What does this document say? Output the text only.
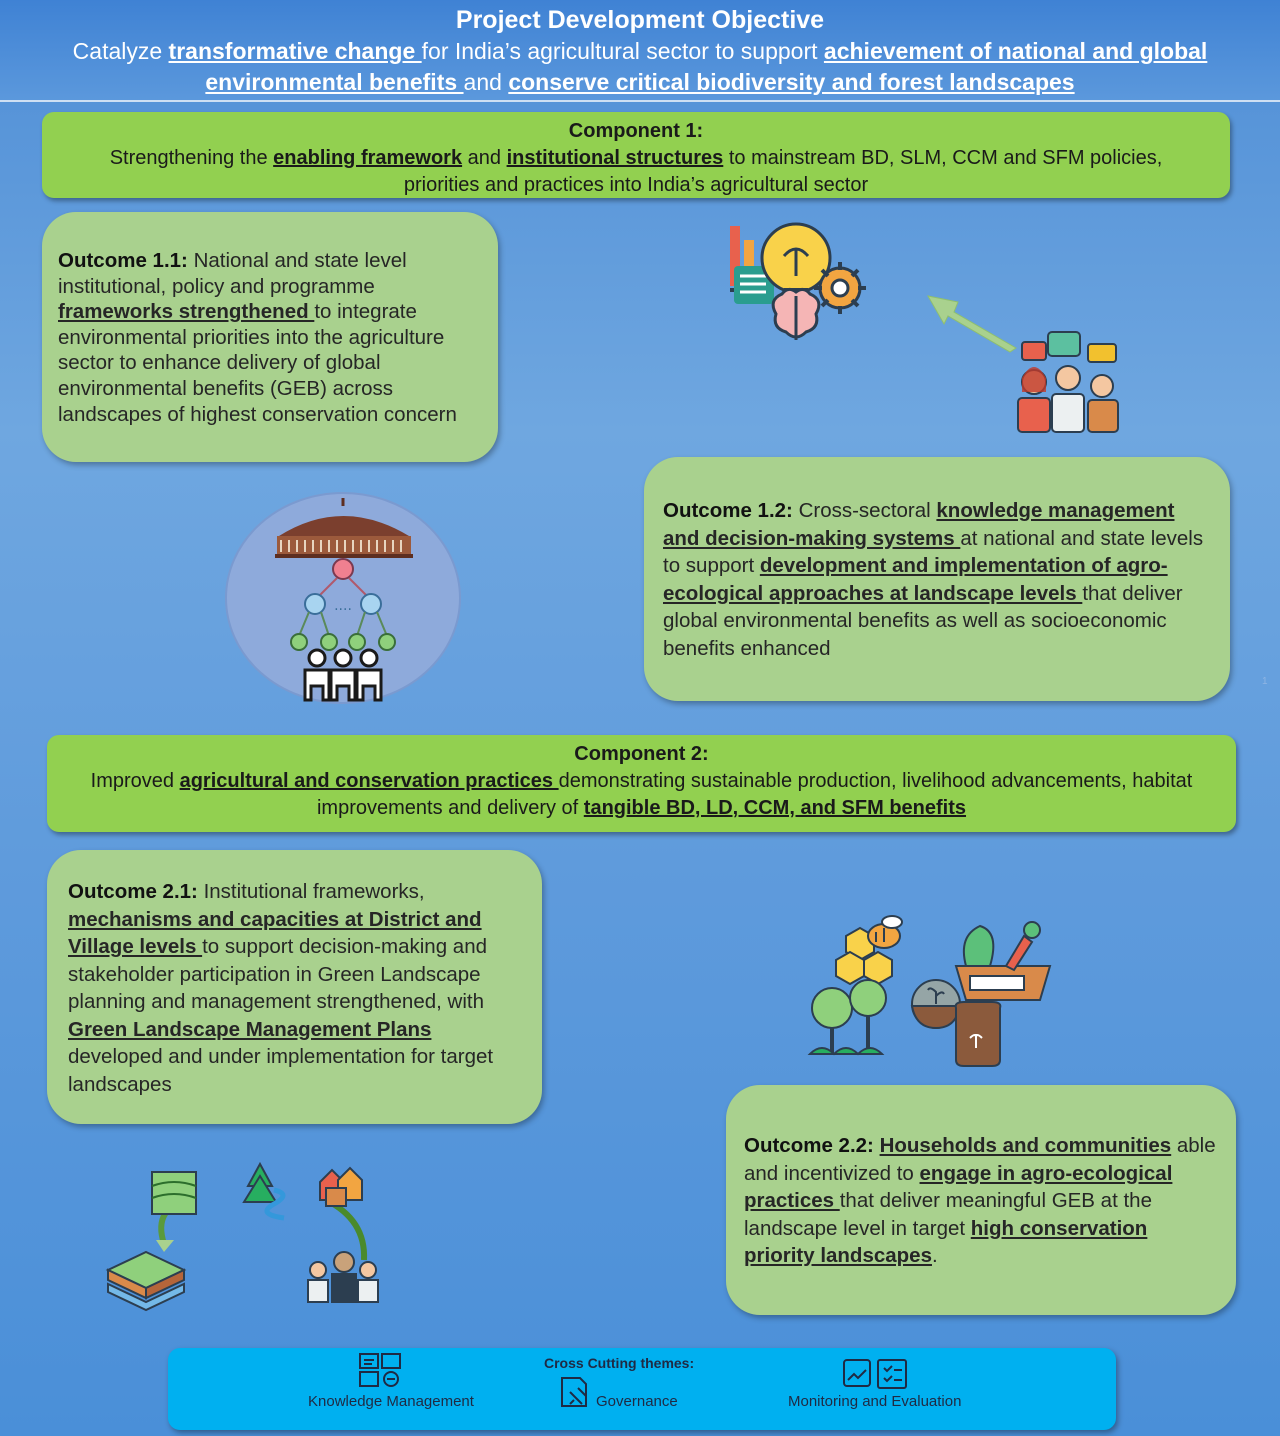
Project Development Objective

Catalyze transformative change for India’s agricultural sector to support achievement of national and global environmental benefits and conserve critical biodiversity and forest landscapes

Component 1:
Strengthening the enabling framework and institutional structures to mainstream BD, SLM, CCM and SFM policies, priorities and practices into India’s agricultural sector
Outcome 1.1: National and state level institutional, policy and programme frameworks strengthened to integrate environmental priorities into the agriculture sector to enhance delivery of global environmental benefits (GEB) across landscapes of highest conservation concern
Outcome 1.2: Cross-sectoral knowledge management and decision-making systems at national and state levels to support development and implementation of agro-ecological approaches at landscape levels that deliver global environmental benefits as well as socioeconomic benefits enhanced
....
1
Component 2:
Improved agricultural and conservation practices demonstrating sustainable production, livelihood advancements, habitat improvements and delivery of tangible BD, LD, CCM, and SFM benefits
Outcome 2.1: Institutional frameworks, mechanisms and capacities at District and Village levels to support decision-making and stakeholder participation in Green Landscape planning and management strengthened, with Green Landscape Management Plans developed and under implementation for target landscapes
Outcome 2.2: Households and communities able and incentivized to engage in agro-ecological practices that deliver meaningful GEB at the landscape level in target high conservation priority landscapes.
Cross Cutting themes:
Knowledge Management	Governance	Monitoring and Evaluation
